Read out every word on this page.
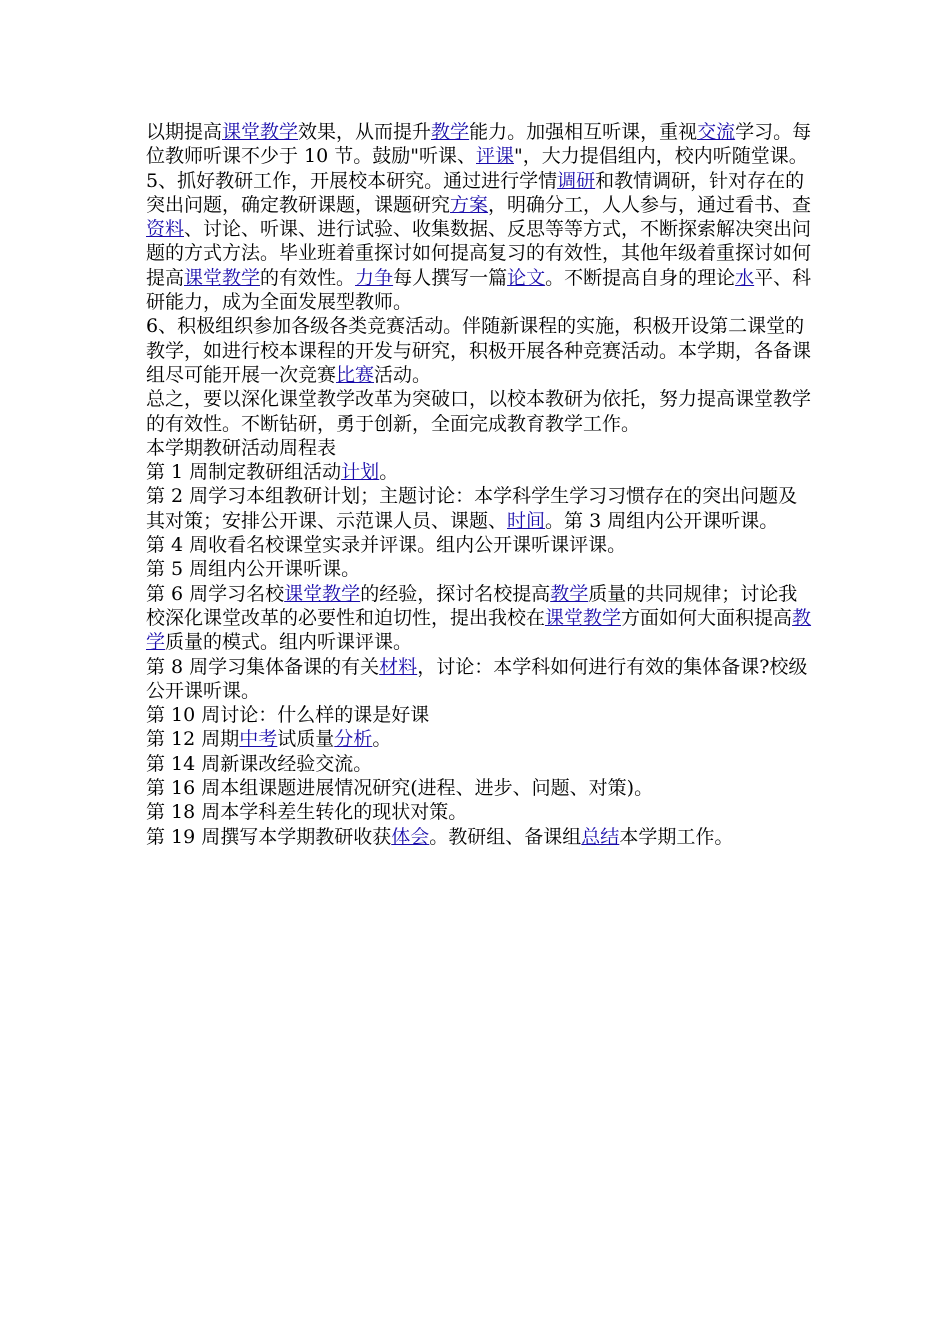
以期提高课堂教学效果，从而提升教学能力。加强相互听课，重视交流学习。每位教师听课不少于 10 节。鼓励"听课、评课"，大力提倡组内，校内听随堂课。

5、抓好教研工作，开展校本研究。通过进行学情调研和教情调研，针对存在的突出问题，确定教研课题，课题研究方案，明确分工，人人参与，通过看书、查资料、讨论、听课、进行试验、收集数据、反思等等方式，不断探索解决突出问题的方式方法。毕业班着重探讨如何提高复习的有效性，其他年级着重探讨如何提高课堂教学的有效性。力争每人撰写一篇论文。不断提高自身的理论水平、科研能力，成为全面发展型教师。

6、积极组织参加各级各类竞赛活动。伴随新课程的实施，积极开设第二课堂的教学，如进行校本课程的开发与研究，积极开展各种竞赛活动。本学期，各备课组尽可能开展一次竞赛比赛活动。

总之，要以深化课堂教学改革为突破口，以校本教研为依托，努力提高课堂教学的有效性。不断钻研，勇于创新，全面完成教育教学工作。

本学期教研活动周程表

第 1 周制定教研组活动计划。

第 2 周学习本组教研计划；主题讨论：本学科学生学习习惯存在的突出问题及其对策；安排公开课、示范课人员、课题、时间。第 3 周组内公开课听课。

第 4 周收看名校课堂实录并评课。组内公开课听课评课。

第 5 周组内公开课听课。

第 6 周学习名校课堂教学的经验，探讨名校提高教学质量的共同规律；讨论我校深化课堂改革的必要性和迫切性，提出我校在课堂教学方面如何大面积提高教学质量的模式。组内听课评课。

第 8 周学习集体备课的有关材料，讨论：本学科如何进行有效的集体备课?校级公开课听课。

第 10 周讨论：什么样的课是好课

第 12 周期中考试质量分析。

第 14 周新课改经验交流。

第 16 周本组课题进展情况研究(进程、进步、问题、对策)。

第 18 周本学科差生转化的现状对策。

第 19 周撰写本学期教研收获体会。教研组、备课组总结本学期工作。
